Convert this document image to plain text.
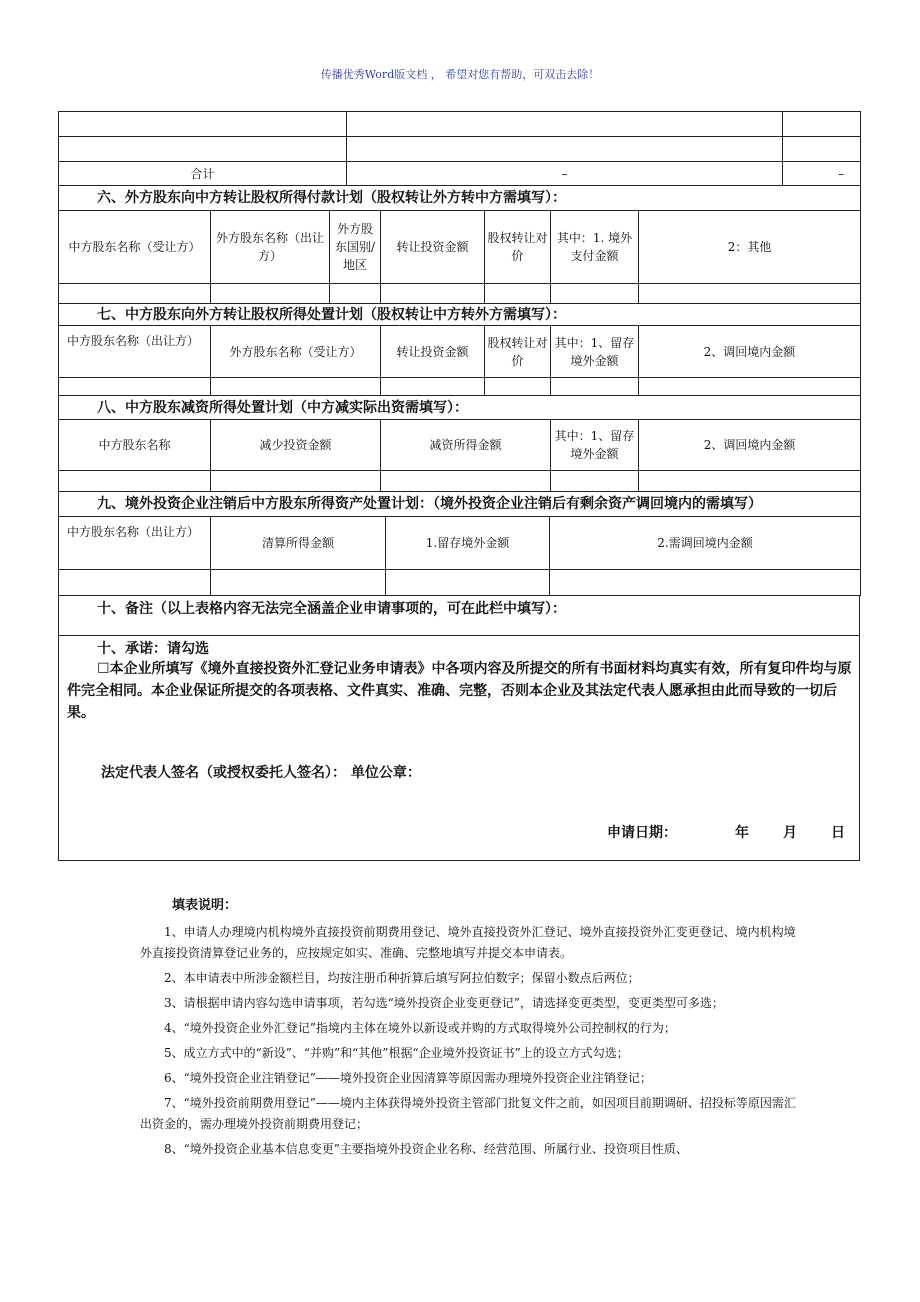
传播优秀Word版文档 ， 希望对您有帮助，可双击去除！

合计	–	–
六、外方股东向中方转让股权所得付款计划（股权转让外方转中方需填写）：						
中方股东名称（受让方）	外方股东名称（出让方）	外方股东国别/地区	转让投资金额	股权转让对价	其中：1. 境外支付金额	2：其他

七、中方股东向外方转让股权所得处置计划（股权转让中方转外方需填写）：					
中方股东名称（出让方）	外方股东名称（受让方）	转让投资金额	股权转让对价	其中：1、留存境外金额	2、调回境内金额

八、中方股东减资所得处置计划（中方减实际出资需填写）：				
中方股东名称	减少投资金额	减资所得金额	其中：1、留存境外金额	2、调回境内金额

九、境外投资企业注销后中方股东所得资产处置计划：（境外投资企业注销后有剩余资产调回境内的需填写）			
中方股东名称（出让方）	清算所得金额	1.留存境外金额	2.需调回境内金额

十、备注（以上表格内容无法完全涵盖企业申请事项的，可在此栏中填写）：
十、承诺：请勾选
☐本企业所填写《境外直接投资外汇登记业务申请表》中各项内容及所提交的所有书面材料均真实有效，所有复印件均与原件完全相同。本企业保证所提交的各项表格、文件真实、准确、完整，否则本企业及其法定代表人愿承担由此而导致的一切后果。
法定代表人签名（或授权委托人签名）： 单位公章：
申请日期：	年 月 日
填表说明：

1、申请人办理境内机构境外直接投资前期费用登记、境外直接投资外汇登记、境外直接投资外汇变更登记、境内机构境外直接投资清算登记业务的，应按规定如实、准确、完整地填写并提交本申请表。

2、本申请表中所涉金额栏目，均按注册币种折算后填写阿拉伯数字；保留小数点后两位；

3、请根据申请内容勾选申请事项，若勾选“境外投资企业变更登记”，请选择变更类型，变更类型可多选；

4、“境外投资企业外汇登记”指境内主体在境外以新设或并购的方式取得境外公司控制权的行为；

5、成立方式中的“新设”、“并购”和“其他”根据“企业境外投资证书”上的设立方式勾选；

6、“境外投资企业注销登记”——境外投资企业因清算等原因需办理境外投资企业注销登记；

7、“境外投资前期费用登记”——境内主体获得境外投资主管部门批复文件之前，如因项目前期调研、招投标等原因需汇出资金的，需办理境外投资前期费用登记；

8、“境外投资企业基本信息变更”主要指境外投资企业名称、经营范围、所属行业、投资项目性质、
